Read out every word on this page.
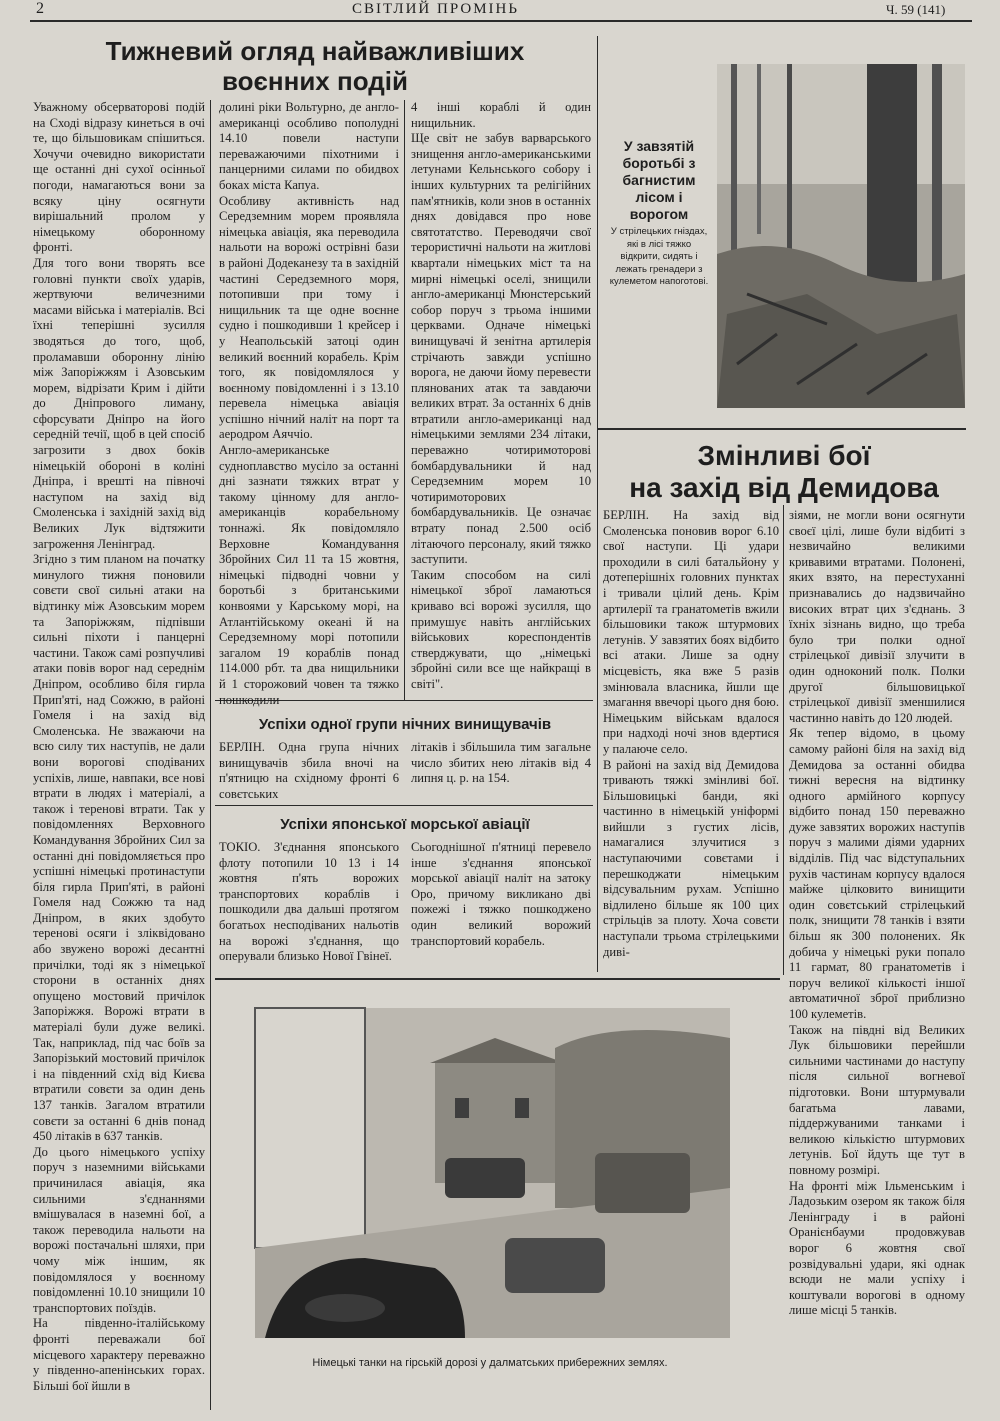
2	СВІТЛИЙ ПРОМІНЬ	Ч. 59 (141)
Тижневий огляд найважливіших
воєнних подій
Уважному обсерваторові подій на Сході відразу кинеться в очі те, що більшовикам спішиться. Хочучи очевидно використати ще останні дні сухої осінньої погоди, намагаються вони за всяку ціну осягнути вирішальний пролом у німецькому оборонному фронті.
Для того вони творять все головні пункти своїх ударів, жертвуючи величезними масами війська і матеріалів. Всі їхні теперішні зусилля зводяться до того, щоб, проламавши оборонну лінію між Запоріжжям і Азовським морем, відрізати Крим і дійти до Дніпрового лиману, сфорсувати Дніпро на його середній течії, щоб в цей спосіб загрозити з двох боків німецькій обороні в коліні Дніпра, і врешті на півночі наступом на захід від Смоленська і західній захід від Великих Лук відтяжити загроження Ленінград.
Згідно з тим планом на початку минулого тижня поновили совєти свої сильні атаки на відтинку між Азовським морем та Запоріжжям, підпівши сильні піхоти і панцерні частини. Також самі розпучливі атаки повів ворог над середнім Дніпром, особливо біля гирла Прип'яті, над Сожжю, в районі Гомеля і на захід від Смоленська. Не зважаючи на всю силу тих наступів, не дали вони ворогові сподіваних успіхів, лише, навпаки, все нові втрати в людях і матеріалі, а також і теренові втрати. Так у повідомленнях Верховного Командування Збройних Сил за останні дні повідомляється про успішні німецькі протинаступи біля гирла Прип'яті, в районі Гомеля над Сожжю та над Дніпром, в яких здобуто теренові осяги і зліквідовано або звужено ворожі десантні причілки, тоді як з німецької сторони в останніх днях опущено мостовий причілок Запоріжжя. Ворожі втрати в матеріалі були дуже великі. Так, наприклад, під час боїв за Запорізький мостовий причілок і на південний схід від Києва втратили совєти за один день 137 танків. Загалом втратили совєти за останні 6 днів понад 450 літаків в 637 танків.
До цього німецького успіху поруч з наземними військами причинилася авіація, яка сильними з'єднаннями вмішувалася в наземні бої, а також переводила нальоти на ворожі постачальні шляхи, при чому між іншим, як повідомлялося у воєнному повідомленні 10.10 знищили 10 транспортових поїздів.
На південно-італійському фронті переважали бої місцевого характеру переважно у південно-апенінських горах. Більші бої йшли в
долині ріки Вольтурно, де англо-американці особливо пополудні 14.10 повели наступи переважаючими піхотними і панцерними силами по обидвох боках міста Капуа.
Особливу активність над Середземним морем проявляла німецька авіація, яка переводила нальоти на ворожі острівні бази в районі Додеканезу та в західній частині Середземного моря, потопивши при тому і нищильник та ще одне воєнне судно і пошкодивши 1 крейсер і у Неапольській затоці один великий воєнний корабель. Крім того, як повідомлялося у воєнному повідомленні і з 13.10 перевела німецька авіація успішно нічний наліт на порт та аеродром Аяччіо.
Англо-американське судноплавство мусіло за останні дні зазнати тяжких втрат у такому цінному для англо-американців корабельному тоннажі. Як повідомляло Верховне Командування Збройних Сил 11 та 15 жовтня, німецькі підводні човни у боротьбі з британськими конвоями у Карському морі, на Атлантійському океані й на Середземному морі потопили загалом 19 кораблів понад 114.000 рбт. та два нищильники й 1 сторожовий човен та тяжко пошкодили
4 інші кораблі й один нищильник.
Ще світ не забув варварського знищення англо-американськими летунами Кельнського собору і інших культурних та релігійних пам'ятників, коли знов в останніх днях довідався про нове святотатство. Переводячи свої терористичні нальоти на житлові квартали німецьких міст та на мирні німецькі оселі, знищили англо-американці Мюнстерський собор поруч з трьома іншими церквами. Одначе німецькі винищувачі й зенітна артилерія стрічають завжди успішно ворога, не даючи йому перевести плянованих атак та завдаючи великих втрат. За останніх 6 днів втратили англо-американці над німецькими землями 234 літаки, переважно чотиримоторові бомбардувальники й над Середземним морем 10 чотиримоторових бомбардувальників. Це означає втрату понад 2.500 осіб літаючого персоналу, який тяжко заступити.
Таким способом на силі німецької зброї ламаються кривавo всі ворожі зусилля, що примушує навіть англійських військових кореспондентів стверджувати, що „німецькі збройні сили все ще найкращі в світі".
У завзятій боротьбі з багнистим лісом і ворогом
У стрілецьких гніздах, які в лісі тяжко відкрити, сидять і лежать гренадери з кулеметом напоготові.
Успіхи одної групи нічних винищувачів
БЕРЛІН. Одна група нічних винищувачів збила вночі на п'ятницю на східному фронті 6 совєтських
літаків і збільшила тим загальне число збитих нею літаків від 4 липня ц. р. на 154.
Успіхи японської морської авіації
ТОКІО. З'єднання японського флоту потопили 10 13 і 14 жовтня п'ять ворожих транспортових кораблів і пошкодили два дальші протягом богатьох несподіваних нальотів на ворожі з'єднання, що оперували близько Нової Гвінеї.
Сьогоднішної п'ятниці перевело інше з'єднання японської морської авіації наліт на затоку Оро, причому викликано дві пожежі і тяжко пошкоджено один великий ворожий транспортовий корабель.
Змінливі бої
на захід від Демидова
БЕРЛІН. На захід від Смоленська поновив ворог 6.10 свої наступи. Ці удари проходили в силі батальйону у дотеперішніх головних пунктах і тривали цілий день. Крім артилерії та гранатометів вжили більшовики також штурмових летунів. У завзятих боях відбито всі атаки. Лише за одну місцевість, яка вже 5 разів змінювала власника, йшли ще змагання ввечорі цього дня бою. Німецьким військам вдалося при надході ночі знов вдертися у палаюче село.
В районі на захід від Демидова тривають тяжкі змінливі бої. Більшовицькі банди, які частинно в німецькій уніформі вийшли з густих лісів, намагалися злучитися з наступаючими совєтами і перешкоджати німецьким відсувальним рухам. Успішно відлилено більше як 100 цих стрільців за плоту. Хоча совєти наступали трьома стрілецькими диві-
зіями, не могли вони осягнути своєї цілі, лише були відбиті з незвичайно великими кривавими втратами. Полонені, яких взято, на перестуханні признавались до надзвичайно високих втрат цих з'єднань. З їхніх зізнань видно, що треба було три полки одної стрілецької дивізії злучити в один одноконий полк. Полки другої більшовицької стрілецької дивізії зменшилися частинно навіть до 120 людей.
Як тепер відомо, в цьому самому районі біля на захід від Демидова за останні обидва тижні вересня на відтинку одного армійного корпусу відбито понад 150 переважно дуже завзятих ворожих наступів поруч з малими діями ударних відділів. Під час відступальних рухів частинам корпусу вдалося майже цілковито винищити один совєтський стрілецький полк, знищити 78 танків і взяти більш як 300 полонених. Як добича у німецькі руки попало 11 гармат, 80 гранатометів і поруч великої кількості іншої автоматичної зброї приблизно 100 кулеметів.
Також на півдні від Великих Лук більшовики перейшли сильними частинами до наступу після сильної вогневої підготовки. Вони штурмували багатьма лавами, піддержуваними танками і великою кількістю штурмових летунів. Бої йдуть ще тут в повному розмірі.
На фронті між Ільменським і Ладозьким озером як також біля Ленінграду і в районі Оранієнбауми продовжував ворог 6 жовтня свої розвідувальні удари, які однак всюди не мали успіху і коштували ворогові в одному лише місці 5 танків.
Німецькі танки на гірській дорозі у далматських прибережних землях.
